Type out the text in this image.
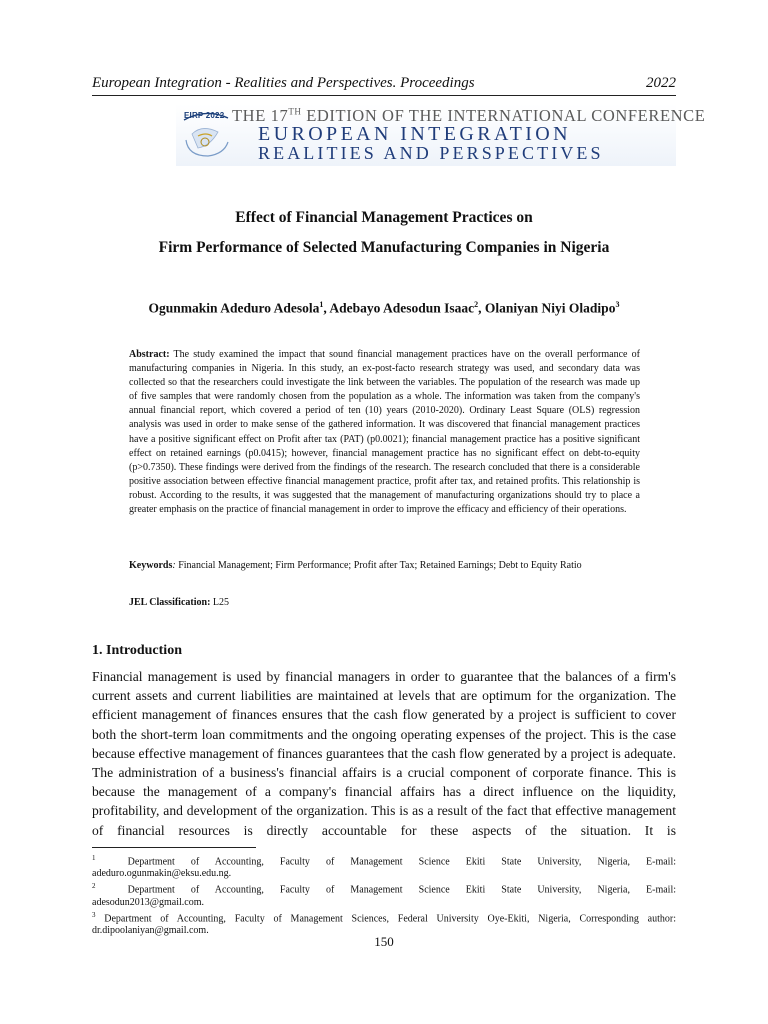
European Integration - Realities and Perspectives. Proceedings	2022
EIRP 2022 THE 17TH EDITION OF THE INTERNATIONAL CONFERENCE
EUROPEAN INTEGRATION
REALITIES AND PERSPECTIVES
Effect of Financial Management Practices on
Firm Performance of Selected Manufacturing Companies in Nigeria
Ogunmakin Adeduro Adesola$^1$, Adebayo Adesodun Isaac$^2$, Olaniyan Niyi Oladipo$^3$
Abstract: The study examined the impact that sound financial management practices have on the overall performance of manufacturing companies in Nigeria. In this study, an ex-post-facto research strategy was used, and secondary data was collected so that the researchers could investigate the link between the variables. The population of the research was made up of five samples that were randomly chosen from the population as a whole. The information was taken from the company's annual financial report, which covered a period of ten (10) years (2010-2020). Ordinary Least Square (OLS) regression analysis was used in order to make sense of the gathered information. It was discovered that financial management practices have a positive significant effect on Profit after tax (PAT) (p0.0021); financial management practice has a positive significant effect on retained earnings (p0.0415); however, financial management practice has no significant effect on debt-to-equity (p>0.7350). These findings were derived from the findings of the research. The research concluded that there is a considerable positive association between effective financial management practice, profit after tax, and retained profits. This relationship is robust. According to the results, it was suggested that the management of manufacturing organizations should try to place a greater emphasis on the practice of financial management in order to improve the efficacy and efficiency of their operations.
Keywords: Financial Management; Firm Performance; Profit after Tax; Retained Earnings; Debt to Equity Ratio
JEL Classification: L25
1. Introduction
Financial management is used by financial managers in order to guarantee that the balances of a firm's current assets and current liabilities are maintained at levels that are optimum for the organization. The efficient management of finances ensures that the cash flow generated by a project is sufficient to cover both the short-term loan commitments and the ongoing operating expenses of the project. This is the case because effective management of finances guarantees that the cash flow generated by a project is adequate. The administration of a business's financial affairs is a crucial component of corporate finance. This is because the management of a company's financial affairs has a direct influence on the liquidity, profitability, and development of the organization. This is as a result of the fact that effective management of financial resources is directly accountable for these aspects of the situation. It is
$^1$	Department of Accounting, Faculty of Management Science Ekiti State University, Nigeria, E-mail:
adeduro.ogunmakin@eksu.edu.ng.
$^2$	Department of Accounting, Faculty of Management Science Ekiti State University, Nigeria, E-mail:
adesodun2013@gmail.com.
$^3$ Department of Accounting, Faculty of Management Sciences, Federal University Oye-Ekiti, Nigeria, Corresponding author:
dr.dipoolaniyan@gmail.com.
150
